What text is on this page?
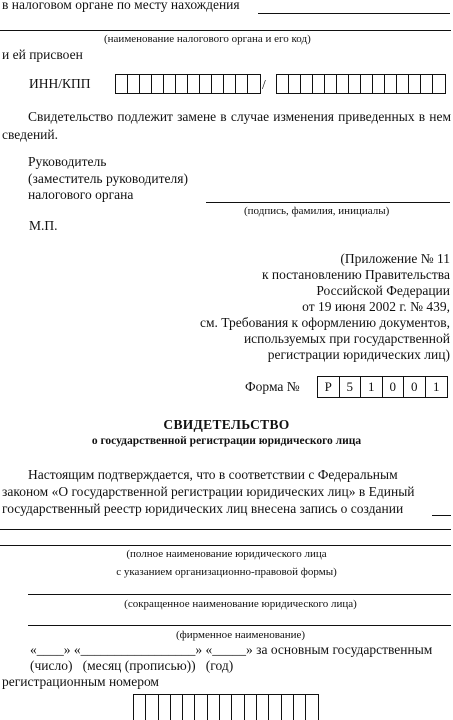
в налоговом органе по месту нахождения
(наименование налогового органа и его код)
и ей присвоен
ИНН/КПП	/
Свидетельство подлежит замене в случае изменения приведенных в нем сведений.
Руководитель
(заместитель руководителя)
налогового органа
(подпись, фамилия, инициалы)
М.П.
(Приложение № 11
к постановлению Правительства
Российской Федерации
от 19 июня 2002 г. № 439,
см. Требования к оформлению документов,
используемых при государственной
регистрации юридических лиц)
Форма №	Р	5	1	0	0	1
СВИДЕТЕЛЬСТВО
о государственной регистрации юридического лица
Настоящим подтверждается, что в соответствии с Федеральным
законом «О государственной регистрации юридических лиц» в Единый
государственный реестр юридических лиц внесена запись о создании
(полное наименование юридического лица
с указанием организационно-правовой формы)
(сокращенное наименование юридического лица)
(фирменное наименование)
«____» «_________________» «_____» за основным государственным
(число)   (месяц (прописью))   (год)
регистрационным номером
